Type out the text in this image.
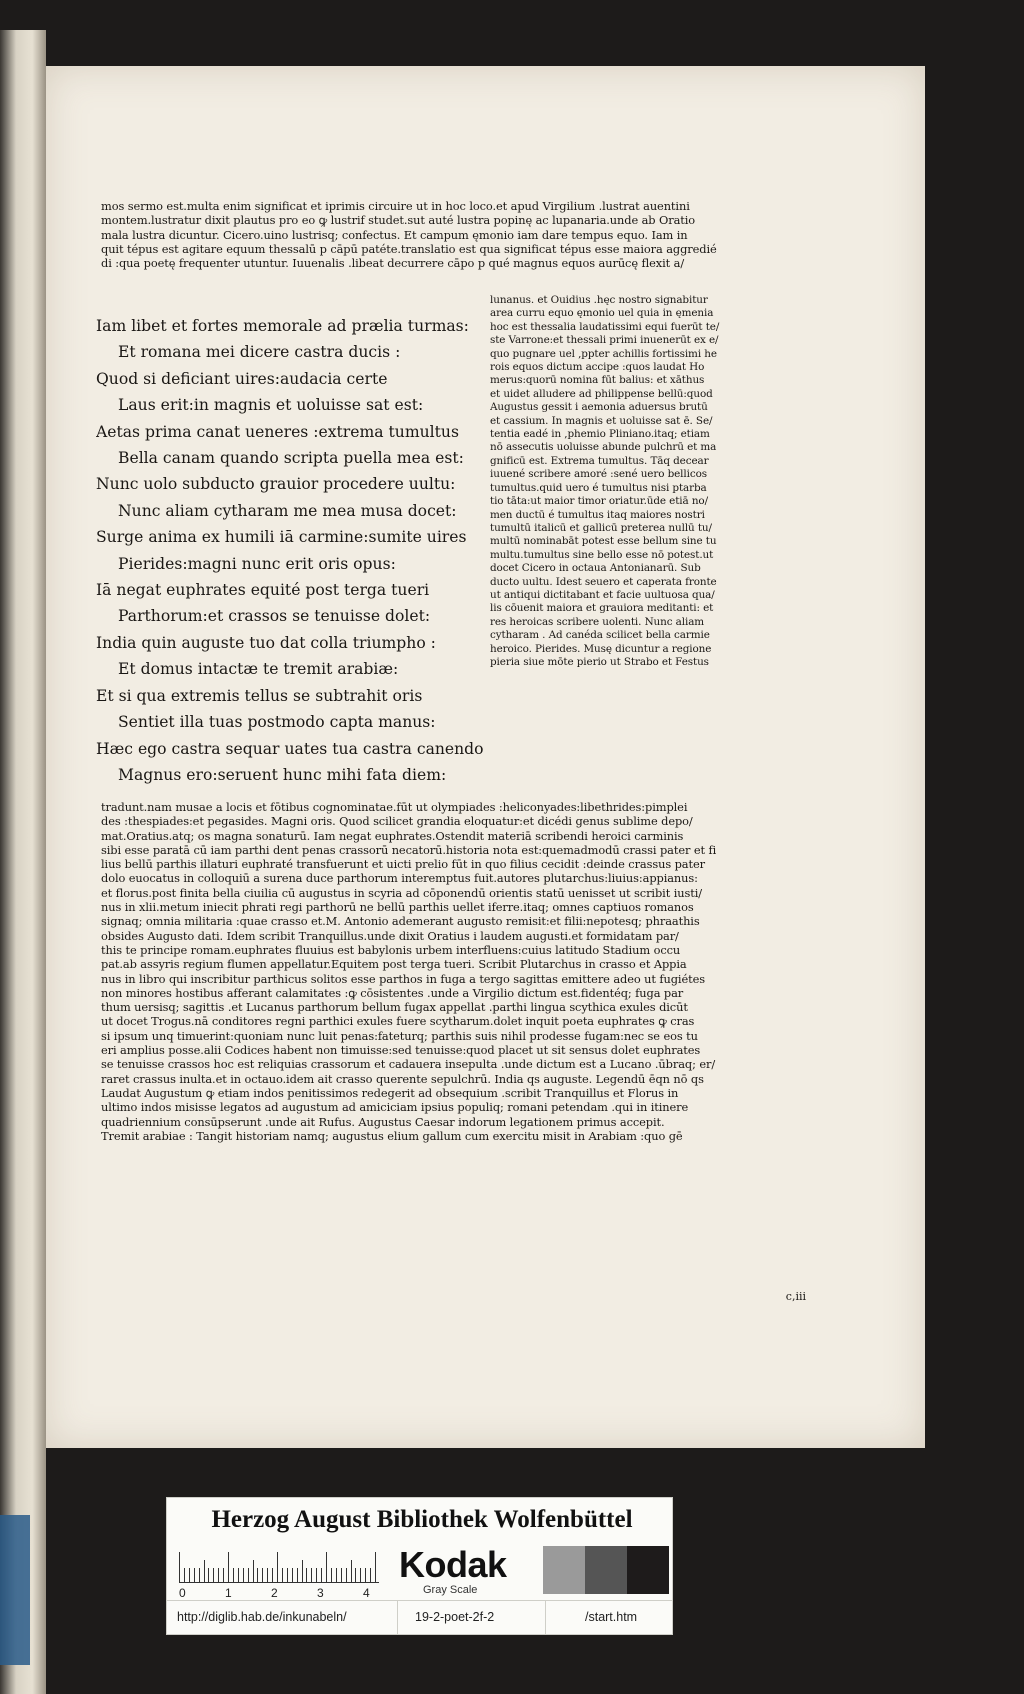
mos sermo est.multa enim significat et iprimis circuire ut in hoc loco.et apud Virgilium .lustrat auentini
montem.lustratur dixit plautus pro eo ꝙ lustrif studet.sut auté lustra popinę ac lupanaria.unde ab Oratio
mala lustra dicuntur. Cicero.uino lustrisq; confectus. Et campum ęmonio iam dare tempus equo. Iam in
quit tépus est agitare equum thessalū p cāpū patéte.translatio est qua significat tépus esse maiora aggredié
di :qua poetę frequenter utuntur. Iuuenalis .libeat decurrere cāpo p qué magnus equos aurūcę flexit a/
Iam libet et fortes memorale ad prælia turmas:
Et romana mei dicere castra ducis :
Quod si deficiant uires:audacia certe
Laus erit:in magnis et uoluisse sat est:
Aetas prima canat ueneres :extrema tumultus
Bella canam quando scripta puella mea est:
Nunc uolo subducto grauior procedere uultu:
Nunc aliam cytharam me mea musa docet:
Surge anima ex humili iā carmine:sumite uires
Pierides:magni nunc erit oris opus:
Iā negat euphrates equité post terga tueri
Parthorum:et crassos se tenuisse dolet:
India quin auguste tuo dat colla triumpho :
Et domus intactæ te tremit arabiæ:
Et si qua extremis tellus se subtrahit oris
Sentiet illa tuas postmodo capta manus:
Hæc ego castra sequar uates tua castra canendo
Magnus ero:seruent hunc mihi fata diem:
lunanus. et Ouidius .hęc nostro signabitur
area curru equo ęmonio uel quia in ęmenia
hoc est thessalia laudatissimi equi fuerūt te/
ste Varrone:et thessali primi inuenerūt ex e/
quo pugnare uel ,ppter achillis fortissimi he
rois equos dictum accipe :quos laudat Ho
merus:quorū nomina fūt balius: et xāthus
et uidet alludere ad philippense bellū:quod
Augustus gessit i aemonia aduersus brutū
et cassium. In magnis et uoluisse sat ē. Se/
tentia eadé in ,phemio Pliniano.itaq; etiam
nō assecutis uoluisse abunde pulchrū et ma
gnificū est. Extrema tumultus. Tāq decear
iuuené scribere amoré :sené uero bellicos
tumultus.quid uero é tumultus nisi ptarba
tio tāta:ut maior timor oriatur.ūde etiā no/
men ductū é tumultus itaq maiores nostri
tumultū italicū et gallicū preterea nullū tu/
multū nominabāt potest esse bellum sine tu
multu.tumultus sine bello esse nō potest.ut
docet Cicero in octaua Antonianarū. Sub
ducto uultu. Idest seuero et caperata fronte
ut antiqui dictitabant et facie uultuosa qua/
lis cōuenit maiora et grauiora meditanti: et
res heroicas scribere uolenti. Nunc aliam
cytharam . Ad canéda scilicet bella carmie
heroico. Pierides. Musę dicuntur a regione
pieria siue mōte pierio ut Strabo et Festus
tradunt.nam musae a locis et fōtibus cognominatae.fūt ut olympiades :heliconyades:libethrides:pimplei
des :thespiades:et pegasides. Magni oris. Quod scilicet grandia eloquatur:et dicédi genus sublime depo/
mat.Oratius.atq; os magna sonaturū. Iam negat euphrates.Ostendit materiā scribendi heroici carminis
sibi esse paratā cū iam parthi dent penas crassorū necatorū.historia nota est:quemadmodū crassi pater et fi
lius bellū parthis illaturi euphraté transfuerunt et uicti prelio fūt in quo filius cecidit :deinde crassus pater
dolo euocatus in colloquiū a surena duce parthorum interemptus fuit.autores plutarchus:liuius:appianus:
et florus.post finita bella ciuilia cū augustus in scyria ad cōponendū orientis statū uenisset ut scribit iusti/
nus in xlii.metum iniecit phrati regi parthorū ne bellū parthis uellet iferre.itaq; omnes captiuos romanos
signaq; omnia militaria :quae crasso et.M. Antonio ademerant augusto remisit:et filii:nepotesq; phraathis
obsides Augusto dati. Idem scribit Tranquillus.unde dixit Oratius i laudem augusti.et formidatam par/
this te principe romam.euphrates fluuius est babylonis urbem interfluens:cuius latitudo Stadium occu
pat.ab assyris regium flumen appellatur.Equitem post terga tueri. Scribit Plutarchus in crasso et Appia
nus in libro qui inscribitur parthicus solitos esse parthos in fuga a tergo sagittas emittere adeo ut fugiétes
non minores hostibus afferant calamitates :ꝙ cōsistentes .unde a Virgilio dictum est.fidentéq; fuga par
thum uersisq; sagittis .et Lucanus parthorum bellum fugax appellat .parthi lingua scythica exules dicūt
ut docet Trogus.nā conditores regni parthici exules fuere scytharum.dolet inquit poeta euphrates ꝙ cras
si ipsum unq timuerint:quoniam nunc luit penas:fateturq; parthis suis nihil prodesse fugam:nec se eos tu
eri amplius posse.alii Codices habent non timuisse:sed tenuisse:quod placet ut sit sensus dolet euphrates
se tenuisse crassos hoc est reliquias crassorum et cadauera insepulta .unde dictum est a Lucano .ūbraq; er/
raret crassus inulta.et in octauo.idem ait crasso querente sepulchrū. India qs auguste. Legendū ēqn nō qs
Laudat Augustum ꝙ etiam indos penitissimos redegerit ad obsequium .scribit Tranquillus et Florus in
ultimo indos misisse legatos ad augustum ad amiciciam ipsius populiq; romani petendam .qui in itinere
quadriennium consūpserunt .unde ait Rufus. Augustus Caesar indorum legationem primus accepit.
Tremit arabiae : Tangit historiam namq; augustus elium gallum cum exercitu misit in Arabiam :quo gē
c,iii
Herzog August Bibliothek Wolfenbüttel
Kodak
Gray Scale
http://diglib.hab.de/inkunabeln/	19-2-poet-2f-2	/start.htm
0	1	2	3	4
